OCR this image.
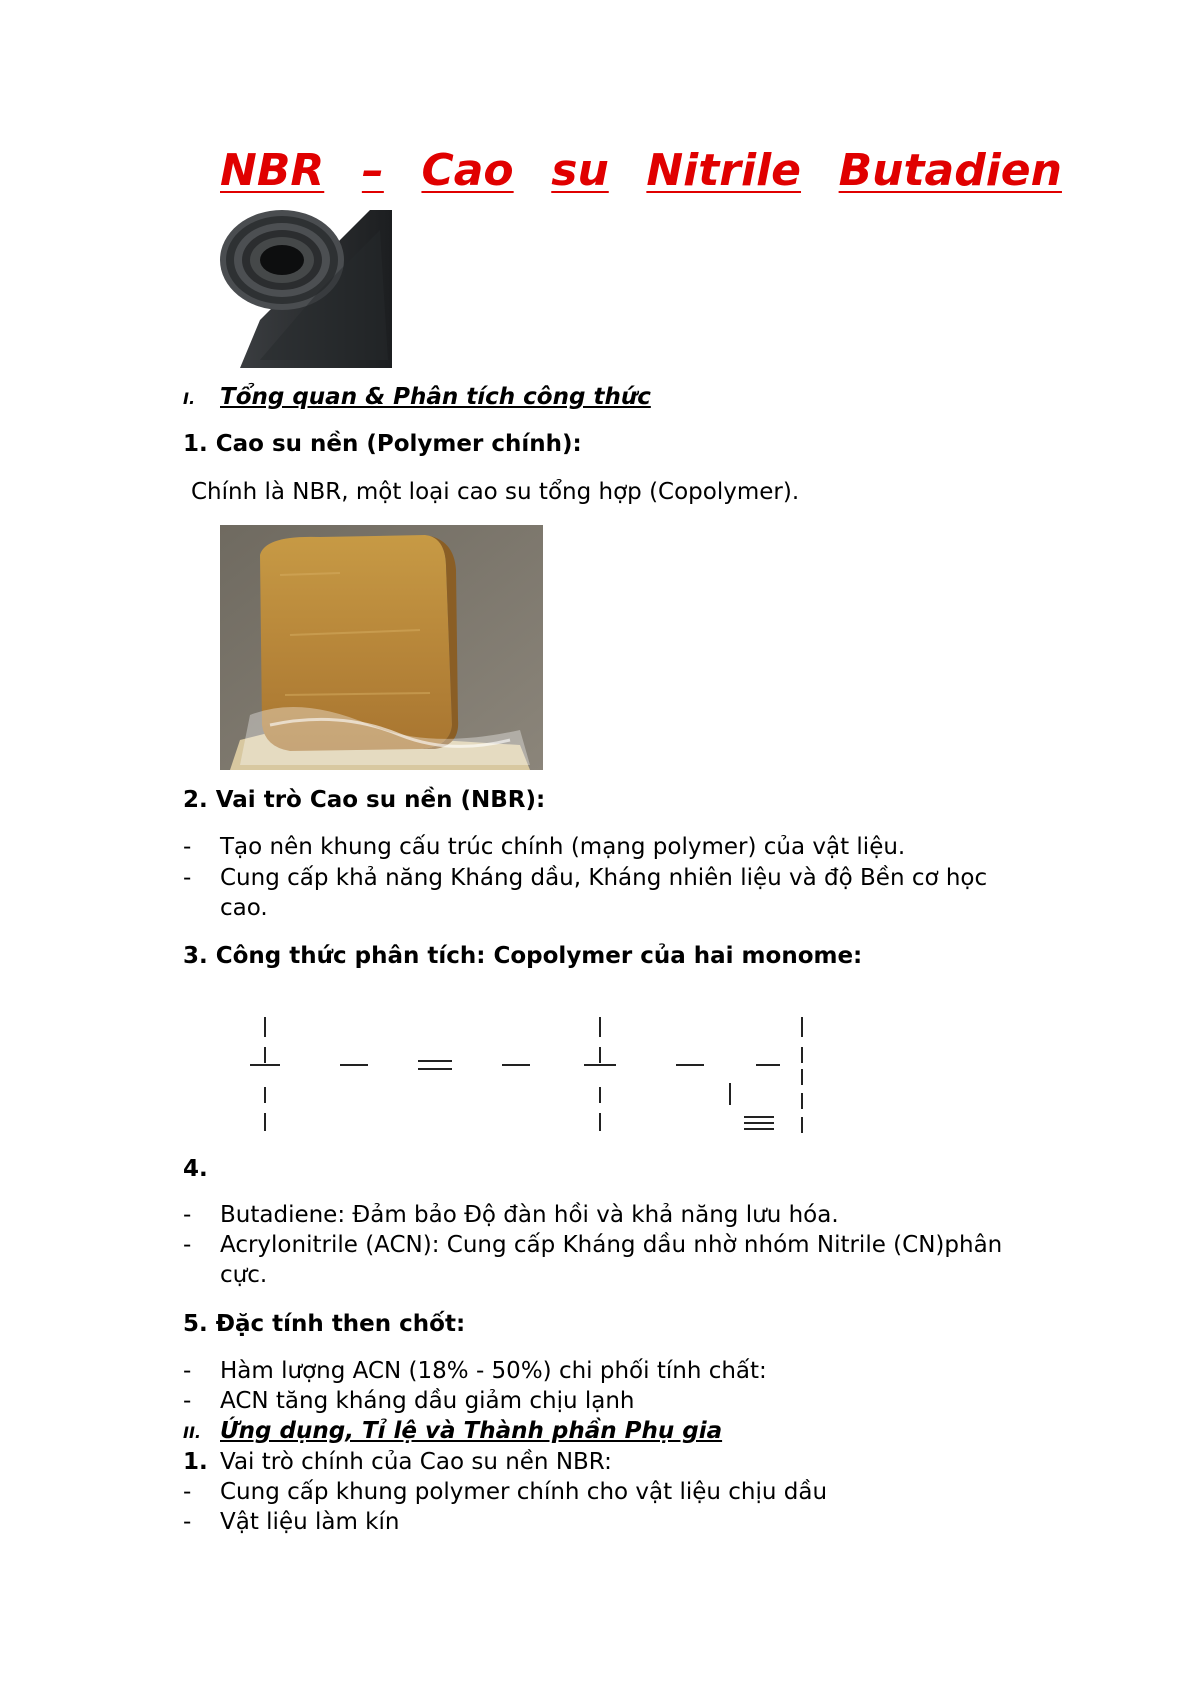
NBR – Cao su Nitrile Butadien
I. Tổng quan & Phân tích công thức
1. Cao su nền (Polymer chính):
Chính là NBR, một loại cao su tổng hợp (Copolymer).
2. Vai trò Cao su nền (NBR):
- Tạo nên khung cấu trúc chính (mạng polymer) của vật liệu.
- Cung cấp khả năng Kháng dầu, Kháng nhiên liệu và độ Bền cơ học
cao.
3. Công thức phân tích: Copolymer của hai monome:
4.
- Butadiene: Đảm bảo Độ đàn hồi và khả năng lưu hóa.
- Acrylonitrile (ACN): Cung cấp Kháng dầu nhờ nhóm Nitrile (CN)phân
cực.
5. Đặc tính then chốt:
- Hàm lượng ACN (18% - 50%) chi phối tính chất:
- ACN tăng kháng dầu giảm chịu lạnh
II. Ứng dụng, Tỉ lệ và Thành phần Phụ gia
1. Vai trò chính của Cao su nền NBR:
- Cung cấp khung polymer chính cho vật liệu chịu dầu
- Vật liệu làm kín
